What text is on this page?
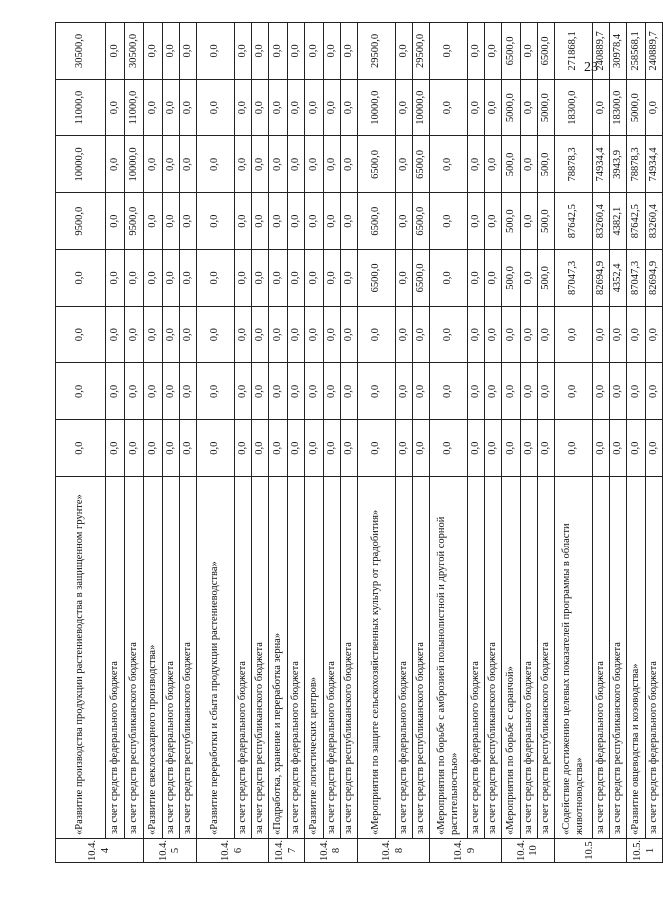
23
10.4.
4	«Развитие производства продукции растениеводства в защищенном грунте»	0,0	0,0	0,0	0,0	9500,0	10000,0	11000,0	30500,0
	за счет средств федерального бюджета	0,0	0,0	0,0	0,0	0,0	0,0	0,0	0,0
	за счет средств республиканского бюджета	0,0	0,0	0,0	0,0	9500,0	10000,0	11000,0	30500,0
10.4.
5	«Развитие свеклосахарного производства»	0,0	0,0	0,0	0,0	0,0	0,0	0,0	0,0
	за счет средств федерального бюджета	0,0	0,0	0,0	0,0	0,0	0,0	0,0	0,0
	за счет средств республиканского бюджета	0,0	0,0	0,0	0,0	0,0	0,0	0,0	0,0
10.4.
6	«Развитие переработки и сбыта продукции растениеводства»	0,0	0,0	0,0	0,0	0,0	0,0	0,0	0,0
	за счет средств федерального бюджета	0,0	0,0	0,0	0,0	0,0	0,0	0,0	0,0
	за счет средств республиканского бюджета	0,0	0,0	0,0	0,0	0,0	0,0	0,0	0,0
10.4.
7	«Подработка, хранение и переработка зерна»	0,0	0,0	0,0	0,0	0,0	0,0	0,0	0,0
	за счет средств федерального бюджета	0,0	0,0	0,0	0,0	0,0	0,0	0,0	0,0
10.4.
8	«Развитие логистических центров»	0,0	0,0	0,0	0,0	0,0	0,0	0,0	0,0
	за счет средств федерального бюджета	0,0	0,0	0,0	0,0	0,0	0,0	0,0	0,0
	за счет средств республиканского бюджета	0,0	0,0	0,0	0,0	0,0	0,0	0,0	0,0
10.4.
8	«Мероприятия по защите сельскохозяйственных культур от градобития»	0,0	0,0	0,0	6500,0	6500,0	6500,0	10000,0	29500,0
	за счет средств федерального бюджета	0,0	0,0	0,0	0,0	0,0	0,0	0,0	0,0
	за счет средств республиканского бюджета	0,0	0,0	0,0	6500,0	6500,0	6500,0	10000,0	29500,0
10.4.
9	«Мероприятия по борьбе с амброзией полынолистной и другой сорной растительностью»	0,0	0,0	0,0	0,0	0,0	0,0	0,0	0,0
	за счет средств федерального бюджета	0,0	0,0	0,0	0,0	0,0	0,0	0,0	0,0
	за счет средств республиканского бюджета	0,0	0,0	0,0	0,0	0,0	0,0	0,0	0,0
10.4.
10	«Мероприятия по борьбе с саранчой»	0,0	0,0	0,0	500,0	500,0	500,0	5000,0	6500,0
	за счет средств федерального бюджета	0,0	0,0	0,0	0,0	0,0	0,0	0,0	0,0
	за счет средств республиканского бюджета	0,0	0,0	0,0	500,0	500,0	500,0	5000,0	6500,0
10.5	«Содействие достижению целевых показателей программы в области животноводства»	0,0	0,0	0,0	87047,3	87642,5	78878,3	18300,0	271868,1
	за счет средств федерального бюджета	0,0	0,0	0,0	82694,9	83260,4	74934,4	0,0	240889,7
	за счет средств республиканского бюджета	0,0	0,0	0,0	4352,4	4382,1	3943,9	18300,0	30978,4
10.5.
1	«Развитие овцеводства и козоводства»	0,0	0,0	0,0	87047,3	87642,5	78878,3	5000,0	258568,1
	за счет средств федерального бюджета	0,0	0,0	0,0	82694,9	83260,4	74934,4	0,0	240889,7
